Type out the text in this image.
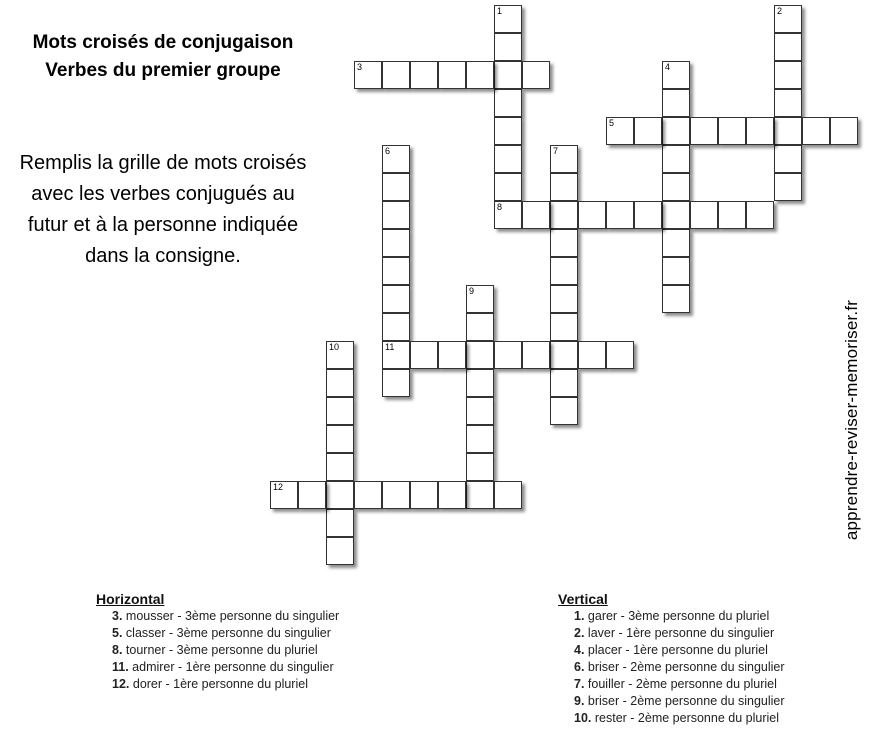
Mots croisés de conjugaison
Verbes du premier groupe
Remplis la grille de mots croisés
avec les verbes conjugués au
futur et à la personne indiquée
dans la consigne.
1	2
3	4
5
6
11
7
8
9
10
12	apprendre-reviser-memoriser.fr
Horizontal
3. mousser - 3ème personne du singulier
5. classer - 3ème personne du singulier
8. tourner - 3ème personne du pluriel
11. admirer - 1ère personne du singulier
12. dorer - 1ère personne du pluriel
Vertical
1. garer - 3ème personne du pluriel
2. laver - 1ère personne du singulier
4. placer - 1ère personne du pluriel
6. briser - 2ème personne du singulier
7. fouiller - 2ème personne du pluriel
9. briser - 2ème personne du singulier
10. rester - 2ème personne du pluriel
